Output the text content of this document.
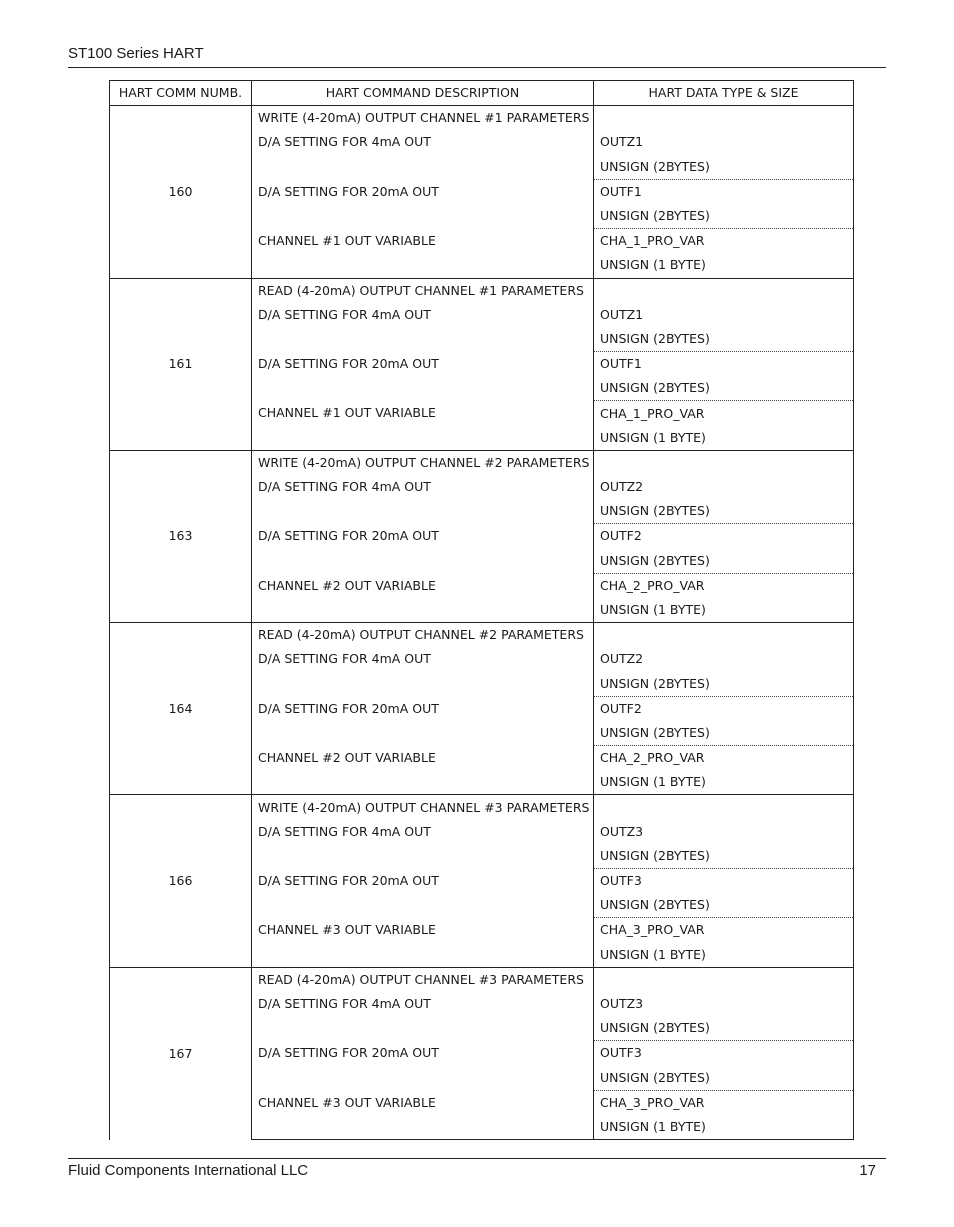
ST100 Series HART
HART COMM NUMB.	HART COMMAND DESCRIPTION	HART DATA TYPE & SIZE
160	WRITE (4-20mA) OUTPUT CHANNEL #1 PARAMETERS	
	D/A SETTING FOR 4mA OUT	OUTZ1
		UNSIGN (2BYTES)
	D/A SETTING FOR 20mA OUT	OUTF1
		UNSIGN (2BYTES)
	CHANNEL #1 OUT VARIABLE	CHA_1_PRO_VAR
		UNSIGN (1 BYTE)
161	READ (4-20mA) OUTPUT CHANNEL #1 PARAMETERS	
	D/A SETTING FOR 4mA OUT	OUTZ1
		UNSIGN (2BYTES)
	D/A SETTING FOR 20mA OUT	OUTF1
		UNSIGN (2BYTES)
	CHANNEL #1 OUT VARIABLE	CHA_1_PRO_VAR
		UNSIGN (1 BYTE)
163	WRITE (4-20mA) OUTPUT CHANNEL #2 PARAMETERS	
	D/A SETTING FOR 4mA OUT	OUTZ2
		UNSIGN (2BYTES)
	D/A SETTING FOR 20mA OUT	OUTF2
		UNSIGN (2BYTES)
	CHANNEL #2 OUT VARIABLE	CHA_2_PRO_VAR
		UNSIGN (1 BYTE)
164	READ (4-20mA) OUTPUT CHANNEL #2 PARAMETERS	
	D/A SETTING FOR 4mA OUT	OUTZ2
		UNSIGN (2BYTES)
	D/A SETTING FOR 20mA OUT	OUTF2
		UNSIGN (2BYTES)
	CHANNEL #2 OUT VARIABLE	CHA_2_PRO_VAR
		UNSIGN (1 BYTE)
166	WRITE (4-20mA) OUTPUT CHANNEL #3 PARAMETERS	
	D/A SETTING FOR 4mA OUT	OUTZ3
		UNSIGN (2BYTES)
	D/A SETTING FOR 20mA OUT	OUTF3
		UNSIGN (2BYTES)
	CHANNEL #3 OUT VARIABLE	CHA_3_PRO_VAR
		UNSIGN (1 BYTE)
167	READ (4-20mA) OUTPUT CHANNEL #3 PARAMETERS	
	D/A SETTING FOR 4mA OUT	OUTZ3
		UNSIGN (2BYTES)
	D/A SETTING FOR 20mA OUT	OUTF3
		UNSIGN (2BYTES)
	CHANNEL #3 OUT VARIABLE	CHA_3_PRO_VAR
		UNSIGN (1 BYTE)
Fluid Components International LLC	17
